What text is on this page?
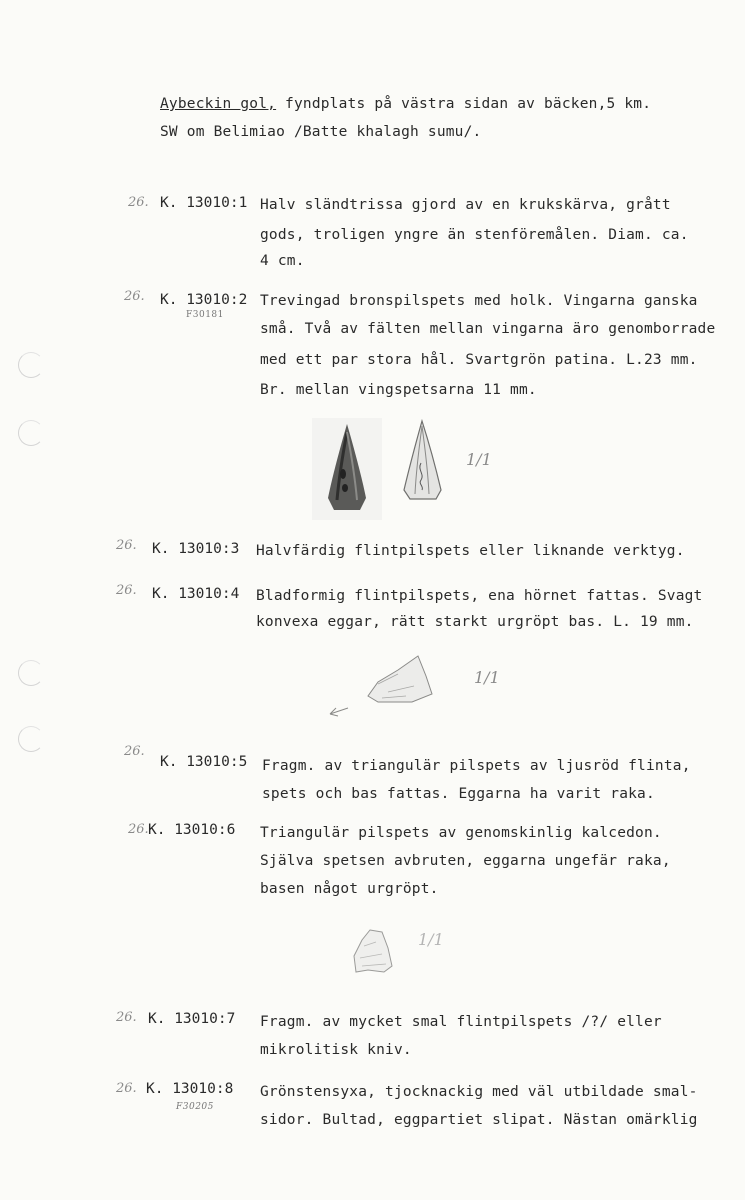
Aybeckin gol, fyndplats på västra sidan av bäcken,5 km.
SW om Belimiao /Batte khalagh sumu/.
26. K. 13010:1 Halv sländtrissa gjord av en krukskärva, grått
gods, troligen yngre än stenföremålen. Diam. ca.
4 cm.
26. K. 13010:2
F30181
Trevingad bronspilspets med holk. Vingarna ganska
små. Två av fälten mellan vingarna äro genomborrade
med ett par stora hål. Svartgrön patina. L.23 mm.
Br. mellan vingspetsarna 11 mm.
1/1
26. K. 13010:3 Halvfärdig flintpilspets eller liknande verktyg.
26. K. 13010:4 Bladformig flintpilspets, ena hörnet fattas. Svagt
konvexa eggar, rätt starkt urgröpt bas. L. 19 mm.
1/1
26.
K. 13010:5 Fragm. av triangulär pilspets av ljusröd flinta,
spets och bas fattas. Eggarna ha varit raka.
26. K. 13010:6 Triangulär pilspets av genomskinlig kalcedon.
Själva spetsen avbruten, eggarna ungefär raka,
basen något urgröpt.
1/1
26. K. 13010:7 Fragm. av mycket smal flintpilspets /?/ eller
mikrolitisk kniv.
26. K. 13010:8
F30205
Grönstensyxa, tjocknackig med väl utbildade smal-
sidor. Bultad, eggpartiet slipat. Nästan omärklig
